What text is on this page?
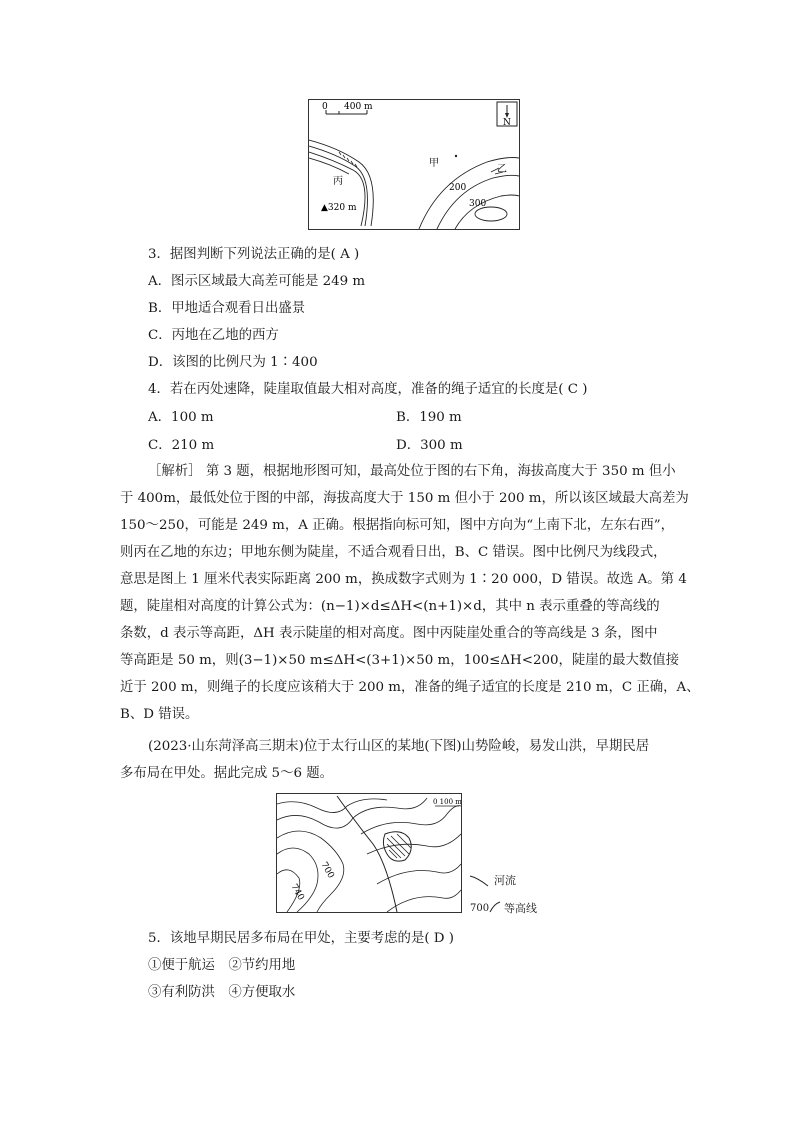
0 400 m
N
丙
▲320 m
甲
乙
200
300
3．据图判断下列说法正确的是( A )
A．图示区域最大高差可能是 249 m
B．甲地适合观看日出盛景
C．丙地在乙地的西方
D．该图的比例尺为 1∶400
4．若在丙处速降，陡崖取值最大相对高度，准备的绳子适宜的长度是( C )
A．100 m	B．190 m
C．210 m	D．300 m
［解析］ 第 3 题，根据地形图可知，最高处位于图的右下角，海拔高度大于 350 m 但小
于 400m，最低处位于图的中部，海拔高度大于 150 m 但小于 200 m，所以该区域最大高差为
150～250，可能是 249 m，A 正确。根据指向标可知，图中方向为“上南下北，左东右西”，
则丙在乙地的东边；甲地东侧为陡崖，不适合观看日出，B、C 错误。图中比例尺为线段式，
意思是图上 1 厘米代表实际距离 200 m，换成数字式则为 1∶20 000，D 错误。故选 A。第 4
题，陡崖相对高度的计算公式为：(n−1)×d≤ΔH<(n+1)×d，其中 n 表示重叠的等高线的
条数，d 表示等高距，ΔH 表示陡崖的相对高度。图中丙陡崖处重合的等高线是 3 条，图中
等高距是 50 m，则(3−1)×50 m≤ΔH<(3+1)×50 m，100≤ΔH<200，陡崖的最大数值接
近于 200 m，则绳子的长度应该稍大于 200 m，准备的绳子适宜的长度是 210 m，C 正确，A、
B、D 错误。
(2023·山东菏泽高三期末)位于太行山区的某地(下图)山势险峻，易发山洪，早期民居
多布局在甲处。据此完成 5～6 题。
0 100 m
700
740
河流
700 等高线
5．该地早期民居多布局在甲处，主要考虑的是( D )
①便于航运　②节约用地
③有利防洪　④方便取水
